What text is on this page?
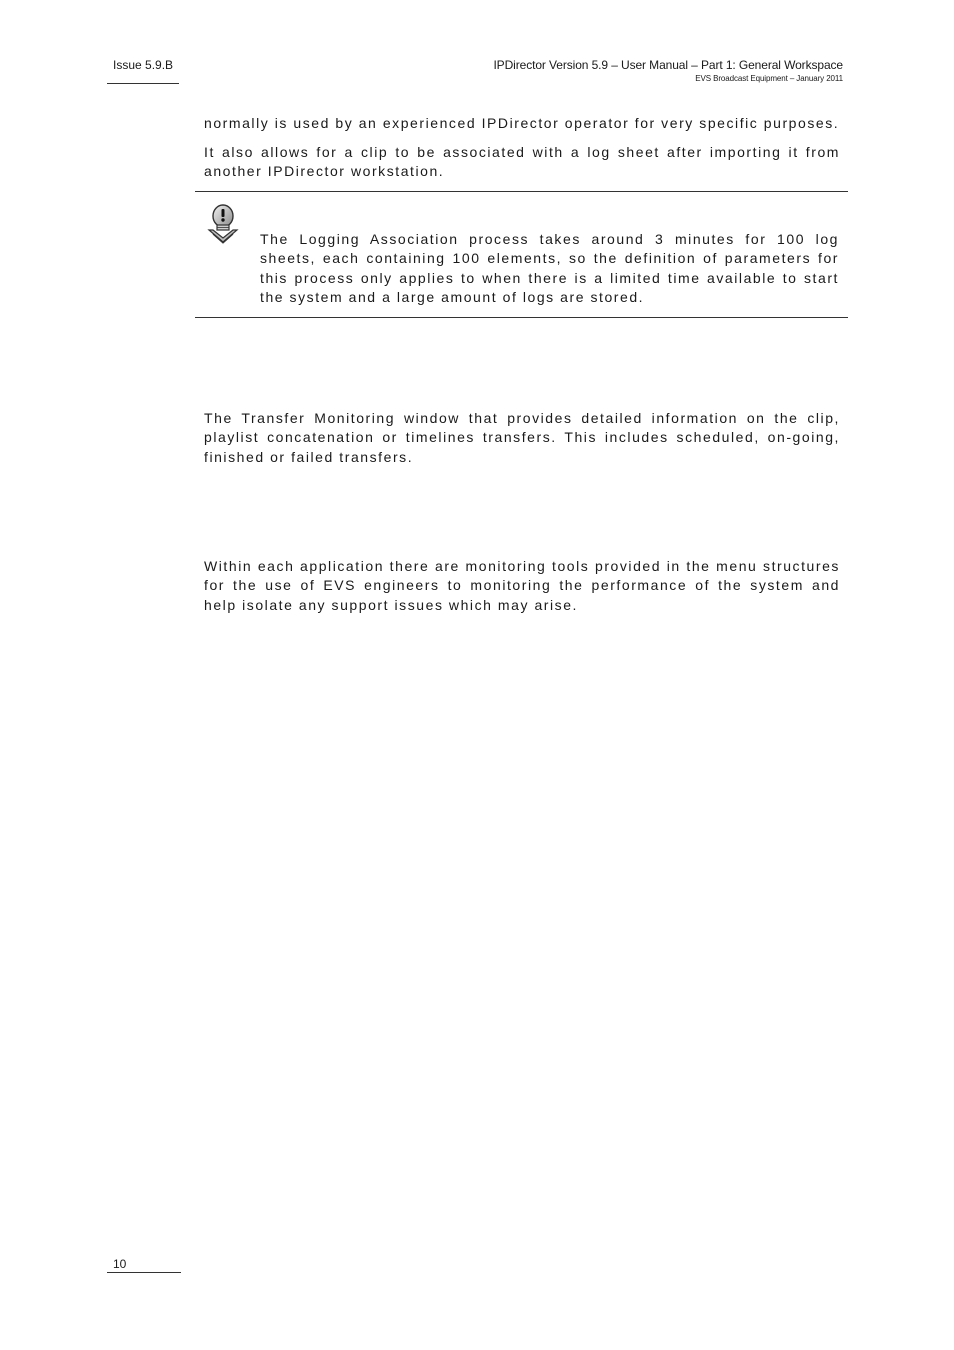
Issue 5.9.B	IPDirector Version 5.9 – User Manual – Part 1: General Workspace
EVS Broadcast Equipment – January 2011
normally is used by an experienced IPDirector operator for very specific purposes.
It also allows for a clip to be associated with a log sheet after importing it from another IPDirector workstation.
The Logging Association process takes around 3 minutes for 100 log sheets, each containing 100 elements, so the definition of parameters for this process only applies to when there is a limited time available to start the system and a large amount of logs are stored.
The Transfer Monitoring window that provides detailed information on the clip, playlist concatenation or timelines transfers. This includes scheduled, on-going, finished or failed transfers.
Within each application there are monitoring tools provided in the menu structures for the use of EVS engineers to monitoring the performance of the system and help isolate any support issues which may arise.
10
